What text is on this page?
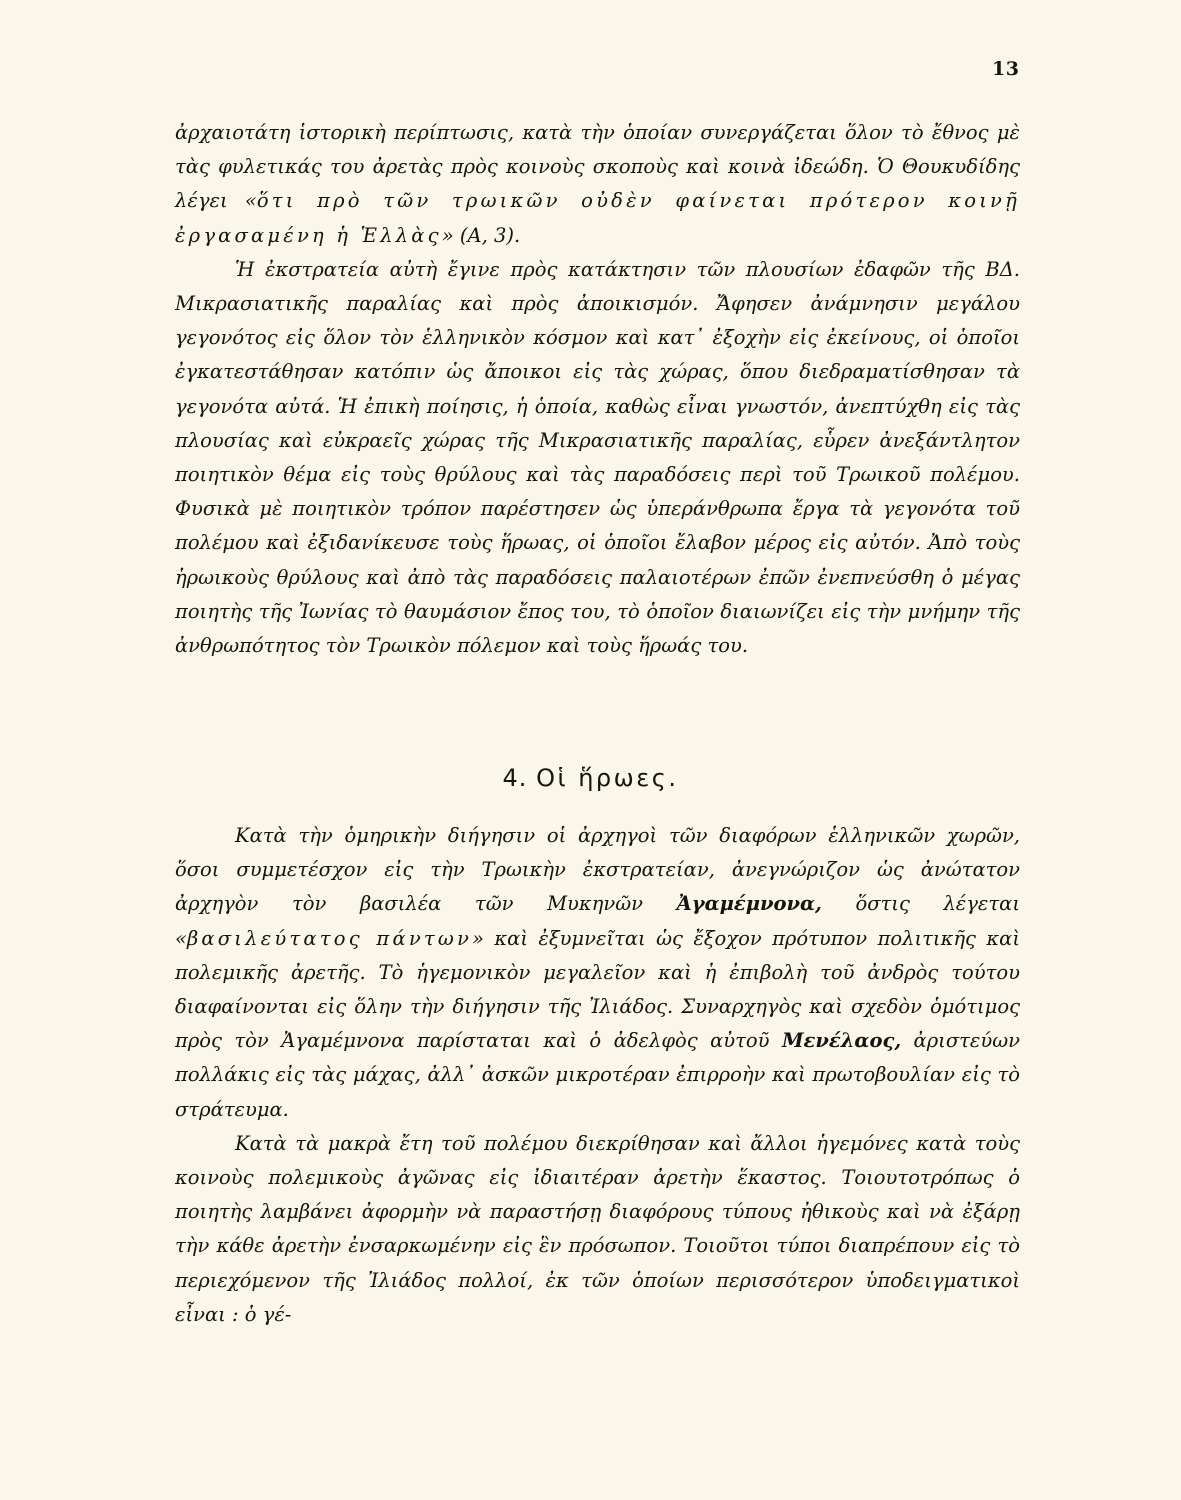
13

ἀρχαιοτάτη ἱστορικὴ περίπτωσις, κατὰ τὴν ὁποίαν συνεργάζεται ὅλον τὸ ἔθνος μὲ τὰς φυλετικάς του ἀρετὰς πρὸς κοινοὺς σκοποὺς καὶ κοινὰ ἰδεώδη. Ὁ Θουκυδίδης λέγει «ὅτι πρὸ τῶν τρωικῶν οὐδὲν φαίνεται πρότερον κοινῇ ἐργασαμένη ἡ Ἑλλὰς» (Α, 3).

Ἡ ἐκστρατεία αὐτὴ ἔγινε πρὸς κατάκτησιν τῶν πλουσίων ἐδαφῶν τῆς ΒΔ. Μικρασιατικῆς παραλίας καὶ πρὸς ἀποικισμόν. Ἄφησεν ἀνάμνησιν μεγάλου γεγονότος εἰς ὅλον τὸν ἑλληνικὸν κόσμον καὶ κατ᾽ ἐξοχὴν εἰς ἐκείνους, οἱ ὁποῖοι ἐγκατεστάθησαν κατόπιν ὡς ἄποικοι εἰς τὰς χώρας, ὅπου διεδραματίσθησαν τὰ γεγονότα αὐτά. Ἡ ἐπικὴ ποίησις, ἡ ὁποία, καθὼς εἶναι γνωστόν, ἀνεπτύχθη εἰς τὰς πλουσίας καὶ εὐκραεῖς χώρας τῆς Μικρασιατικῆς παραλίας, εὗρεν ἀνεξάντλητον ποιητικὸν θέμα εἰς τοὺς θρύλους καὶ τὰς παραδόσεις περὶ τοῦ Τρωικοῦ πολέμου. Φυσικὰ μὲ ποιητικὸν τρόπον παρέστησεν ὡς ὑπεράνθρωπα ἔργα τὰ γεγονότα τοῦ πολέμου καὶ ἐξιδανίκευσε τοὺς ἥρωας, οἱ ὁποῖοι ἔλαβον μέρος εἰς αὐτόν. Ἀπὸ τοὺς ἡρωικοὺς θρύλους καὶ ἀπὸ τὰς παραδόσεις παλαιοτέρων ἐπῶν ἐνεπνεύσθη ὁ μέγας ποιητὴς τῆς Ἰωνίας τὸ θαυμάσιον ἔπος του, τὸ ὁποῖον διαιωνίζει εἰς τὴν μνήμην τῆς ἀνθρωπότητος τὸν Τρωικὸν πόλεμον καὶ τοὺς ἥρωάς του.

4. Οἱ ἥρωες.

Κατὰ τὴν ὁμηρικὴν διήγησιν οἱ ἀρχηγοὶ τῶν διαφόρων ἑλληνικῶν χωρῶν, ὅσοι συμμετέσχον εἰς τὴν Τρωικὴν ἐκστρατείαν, ἀνεγνώριζον ὡς ἀνώτατον ἀρχηγὸν τὸν βασιλέα τῶν Μυκηνῶν Ἀγαμέμνονα, ὅστις λέγεται «βασιλεύτατος πάντων» καὶ ἐξυμνεῖται ὡς ἔξοχον πρότυπον πολιτικῆς καὶ πολεμικῆς ἀρετῆς. Τὸ ἡγεμονικὸν μεγαλεῖον καὶ ἡ ἐπιβολὴ τοῦ ἀνδρὸς τούτου διαφαίνονται εἰς ὅλην τὴν διήγησιν τῆς Ἰλιάδος. Συναρχηγὸς καὶ σχεδὸν ὁμότιμος πρὸς τὸν Ἀγαμέμνονα παρίσταται καὶ ὁ ἀδελφὸς αὐτοῦ Μενέλαος, ἀριστεύων πολλάκις εἰς τὰς μάχας, ἀλλ᾽ ἀσκῶν μικροτέραν ἐπιρροὴν καὶ πρωτοβουλίαν εἰς τὸ στράτευμα.

Κατὰ τὰ μακρὰ ἔτη τοῦ πολέμου διεκρίθησαν καὶ ἄλλοι ἡγεμόνες κατὰ τοὺς κοινοὺς πολεμικοὺς ἀγῶνας εἰς ἰδιαιτέραν ἀρετὴν ἕκαστος. Τοιουτοτρόπως ὁ ποιητὴς λαμβάνει ἀφορμὴν νὰ παραστήσῃ διαφόρους τύπους ἠθικοὺς καὶ νὰ ἐξάρῃ τὴν κάθε ἀρετὴν ἐνσαρκωμένην εἰς ἓν πρόσωπον. Τοιοῦτοι τύποι διαπρέπουν εἰς τὸ περιεχόμενον τῆς Ἰλιάδος πολλοί, ἐκ τῶν ὁποίων περισσότερον ὑποδειγματικοὶ εἶναι : ὁ γέ-
